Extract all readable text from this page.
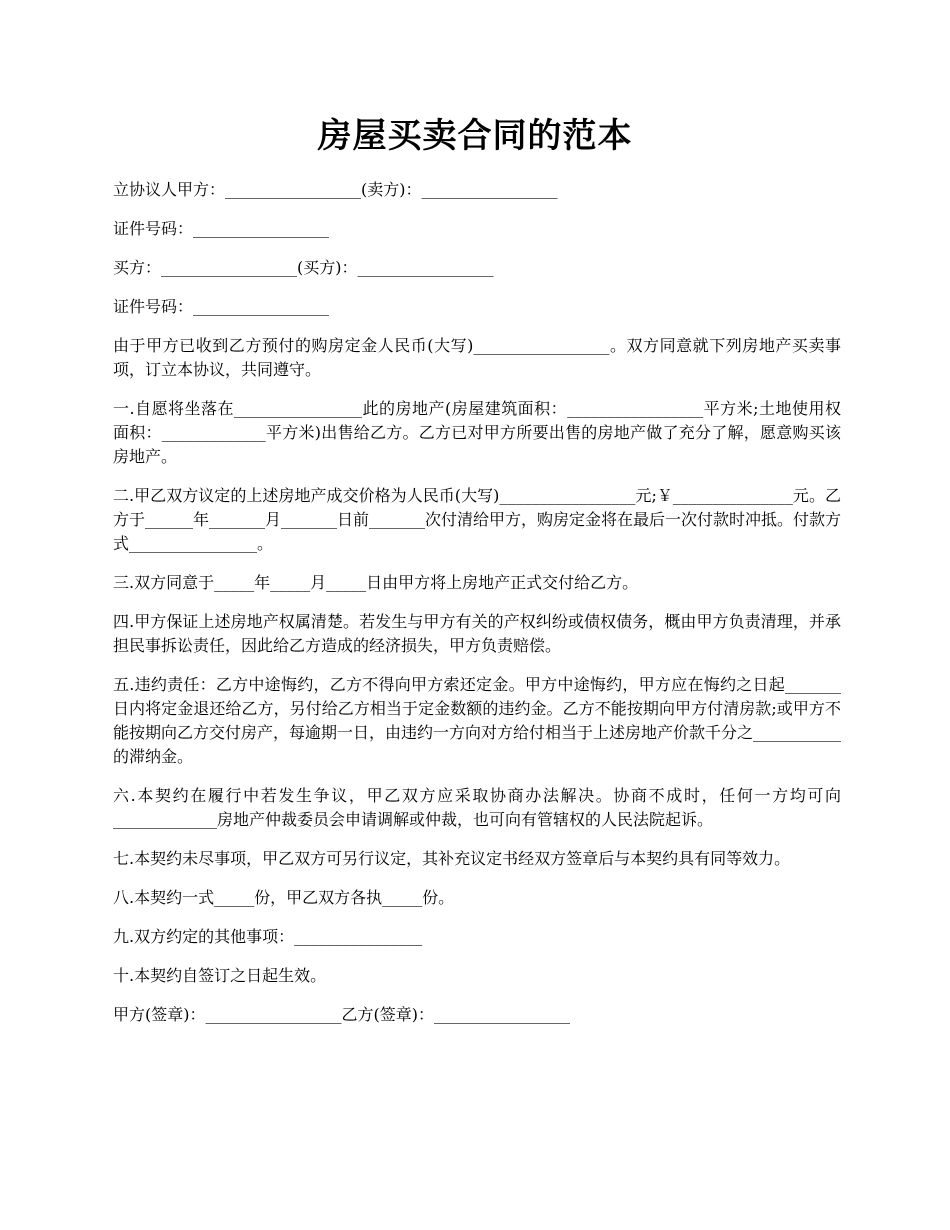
房屋买卖合同的范本

立协议人甲方：_________________(卖方)：_________________

证件号码：_________________

买方：_________________(买方)：_________________

证件号码：_________________

由于甲方已收到乙方预付的购房定金人民币(大写)_________________。双方同意就下列房地产买卖事项，订立本协议，共同遵守。

一.自愿将坐落在________________此的房地产(房屋建筑面积：_________________平方米;土地使用权面积：_____________平方米)出售给乙方。乙方已对甲方所要出售的房地产做了充分了解，愿意购买该房地产。

二.甲乙双方议定的上述房地产成交价格为人民币(大写)_________________元;￥_______________元。乙方于______年_______月_______日前_______次付清给甲方，购房定金将在最后一次付款时冲抵。付款方式________________。

三.双方同意于_____年_____月_____日由甲方将上房地产正式交付给乙方。

四.甲方保证上述房地产权属清楚。若发生与甲方有关的产权纠纷或债权债务，概由甲方负责清理，并承担民事拆讼责任，因此给乙方造成的经济损失，甲方负责赔偿。

五.违约责任：乙方中途悔约，乙方不得向甲方索还定金。甲方中途悔约，甲方应在悔约之日起_______日内将定金退还给乙方，另付给乙方相当于定金数额的违约金。乙方不能按期向甲方付清房款;或甲方不能按期向乙方交付房产，每逾期一日，由违约一方向对方给付相当于上述房地产价款千分之___________的滞纳金。

六.本契约在履行中若发生争议，甲乙双方应采取协商办法解决。协商不成时，任何一方均可向_____________房地产仲裁委员会申请调解或仲裁，也可向有管辖权的人民法院起诉。

七.本契约未尽事项，甲乙双方可另行议定，其补充议定书经双方签章后与本契约具有同等效力。

八.本契约一式_____份，甲乙双方各执_____份。

九.双方约定的其他事项：________________

十.本契约自签订之日起生效。

甲方(签章)：_________________乙方(签章)：_________________
